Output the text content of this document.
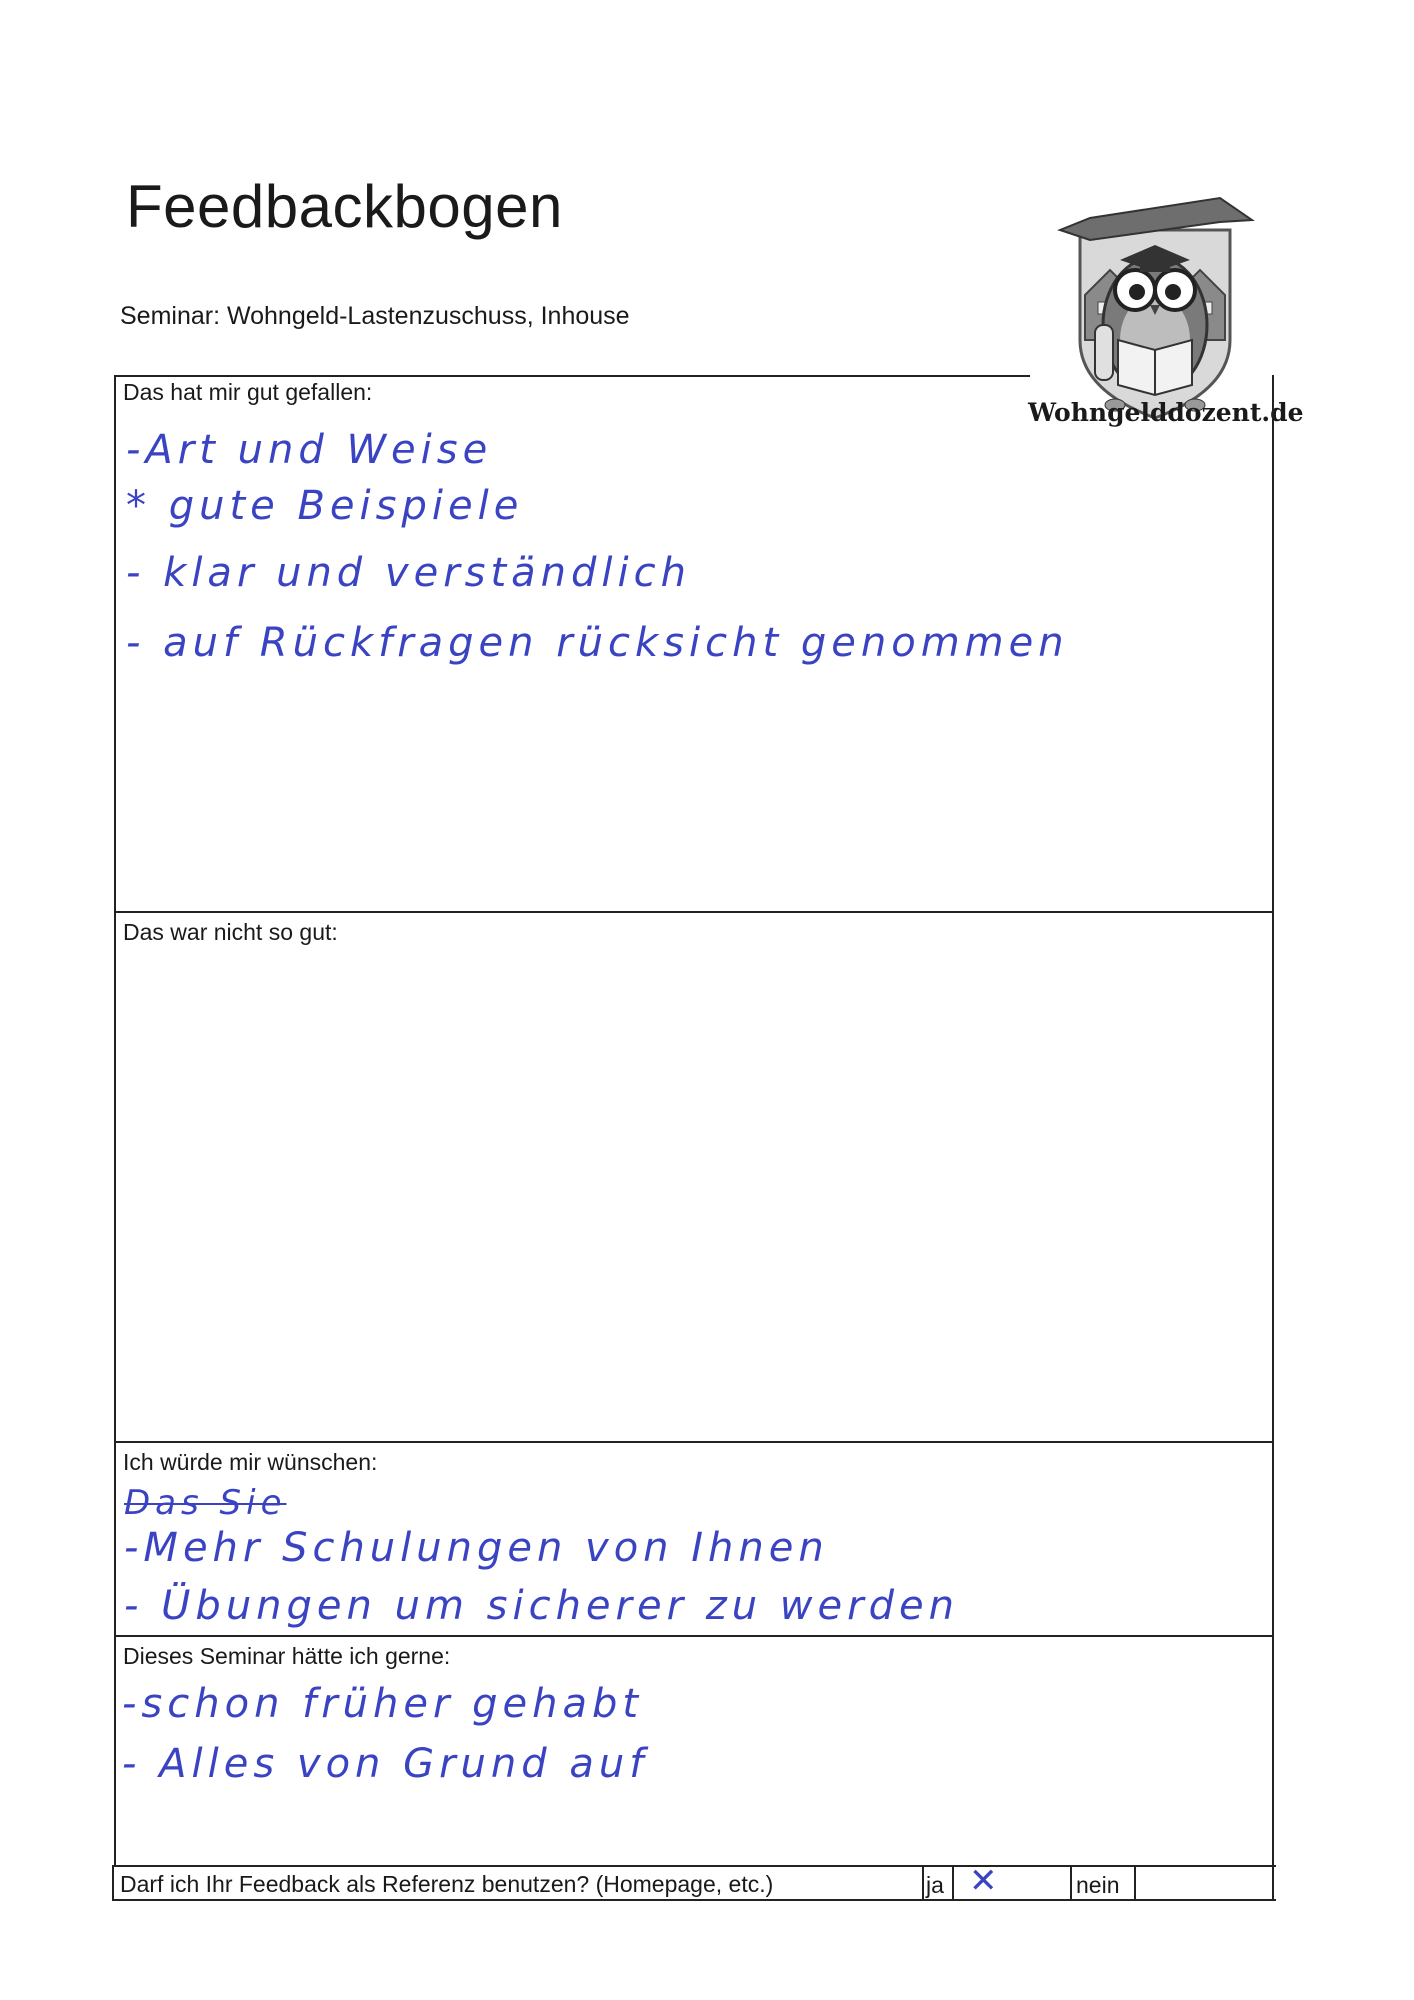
Feedbackbogen
Seminar: Wohngeld-Lastenzuschuss, Inhouse
Wohngelddozent.de
Das hat mir gut gefallen:
-Art und Weise
* gute Beispiele
- klar und verständlich
- auf Rückfragen rücksicht genommen
Das war nicht so gut:
Ich würde mir wünschen:
Das Sie
-Mehr Schulungen von Ihnen
- Übungen um sicherer zu werden
Dieses Seminar hätte ich gerne:
-schon früher gehabt
- Alles von Grund auf
Darf ich Ihr Feedback als Referenz benutzen? (Homepage, etc.)	ja ✕	nein
